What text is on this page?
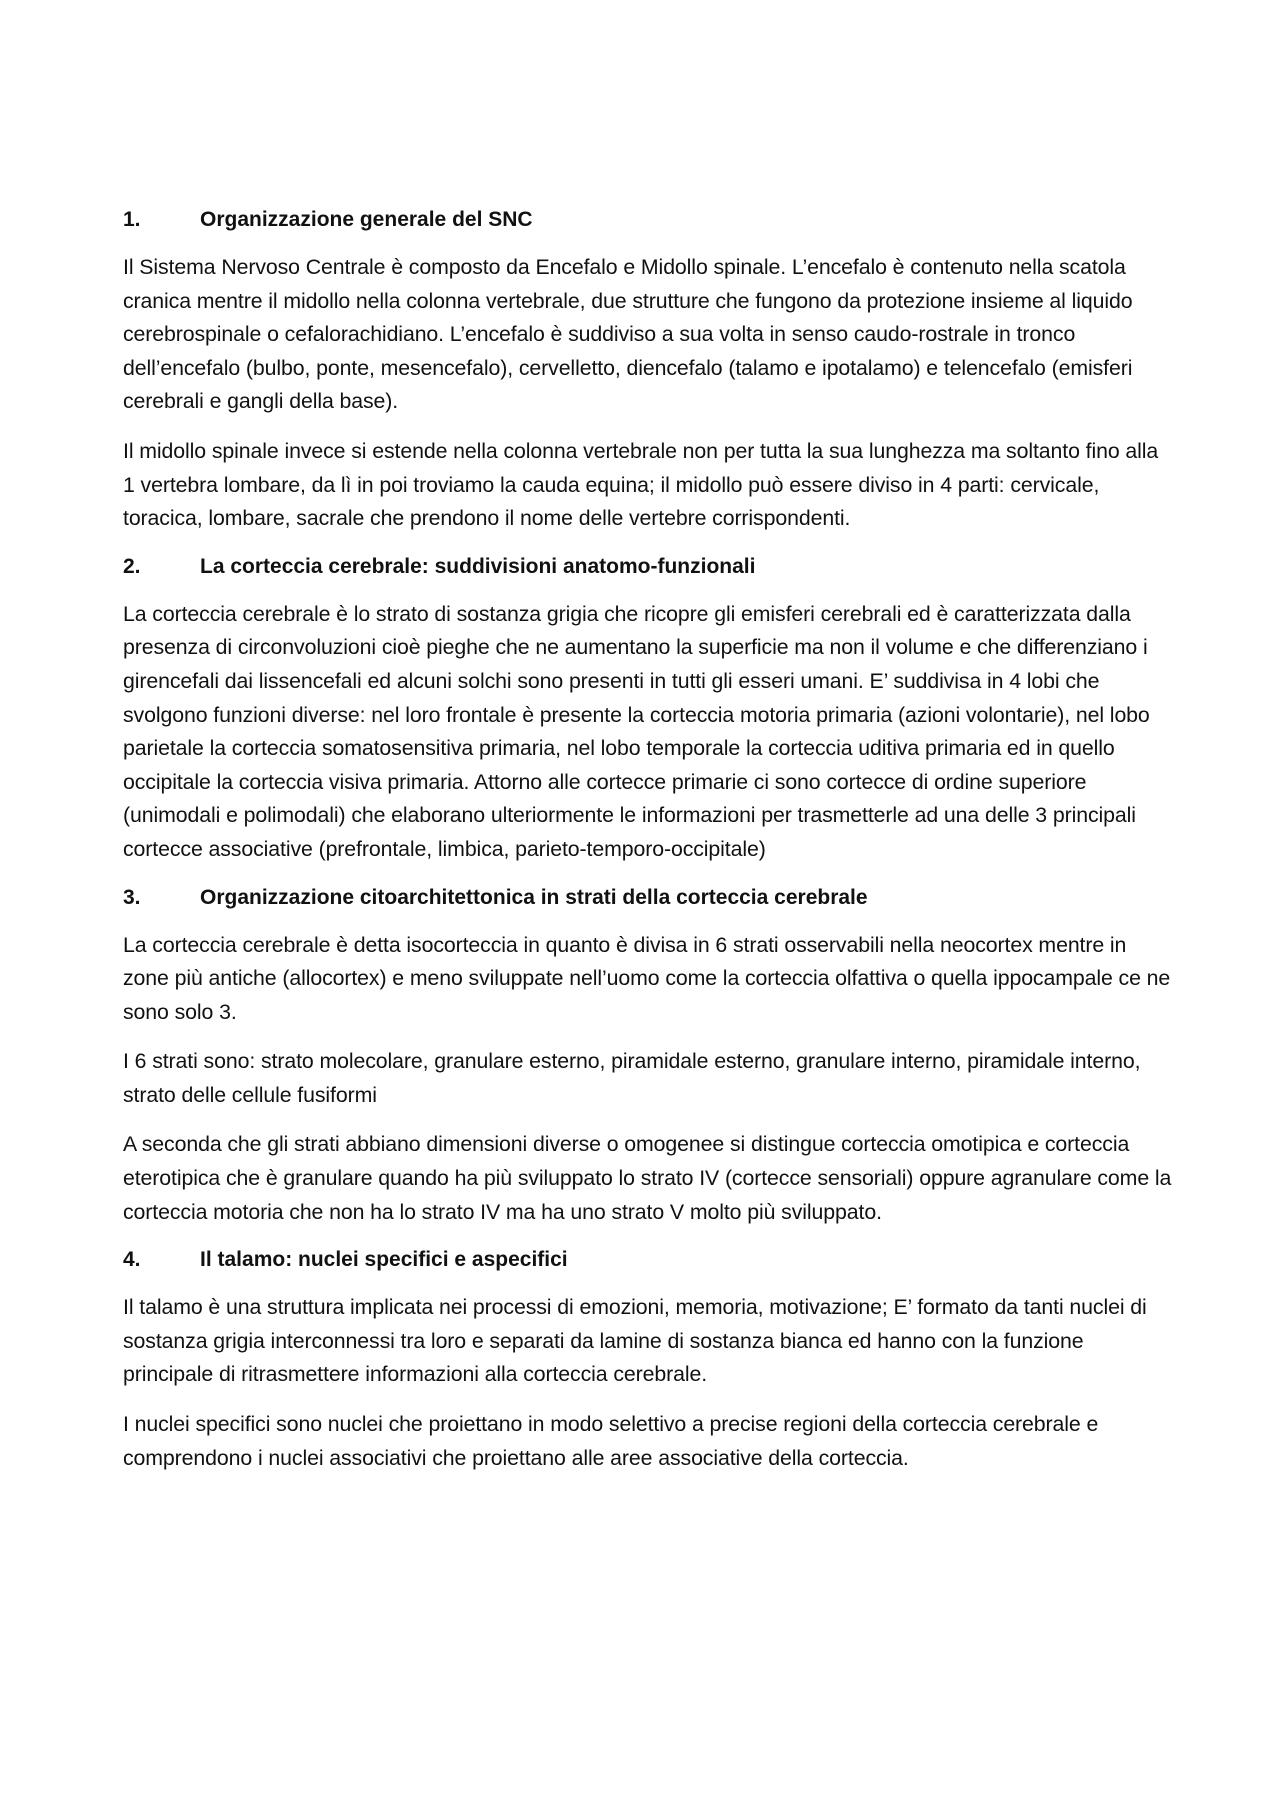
1.	Organizzazione generale del SNC

Il Sistema Nervoso Centrale è composto da Encefalo e Midollo spinale. L’encefalo è contenuto nella scatola cranica mentre il midollo nella colonna vertebrale, due strutture che fungono da protezione insieme al liquido cerebrospinale o cefalorachidiano. L’encefalo è suddiviso a sua volta in senso caudo-rostrale in tronco dell’encefalo (bulbo, ponte, mesencefalo), cervelletto, diencefalo (talamo e ipotalamo) e telencefalo (emisferi cerebrali e gangli della base).

Il midollo spinale invece si estende nella colonna vertebrale non per tutta la sua lunghezza ma soltanto fino alla 1 vertebra lombare, da lì in poi troviamo la cauda equina; il midollo può essere diviso in 4 parti: cervicale, toracica, lombare, sacrale che prendono il nome delle vertebre corrispondenti.

2.	La corteccia cerebrale: suddivisioni anatomo-funzionali

La corteccia cerebrale è lo strato di sostanza grigia che ricopre gli emisferi cerebrali ed è caratterizzata dalla presenza di circonvoluzioni cioè pieghe che ne aumentano la superficie ma non il volume e che differenziano i girencefali dai lissencefali ed alcuni solchi sono presenti in tutti gli esseri umani. E’ suddivisa in 4 lobi che svolgono funzioni diverse: nel loro frontale è presente la corteccia motoria primaria (azioni volontarie), nel lobo parietale la corteccia somatosensitiva primaria, nel lobo temporale la corteccia uditiva primaria ed in quello occipitale la corteccia visiva primaria. Attorno alle cortecce primarie ci sono cortecce di ordine superiore (unimodali e polimodali) che elaborano ulteriormente le informazioni per trasmetterle ad una delle 3 principali cortecce associative (prefrontale, limbica, parieto-temporo-occipitale)

3.	Organizzazione citoarchitettonica in strati della corteccia cerebrale

La corteccia cerebrale è detta isocorteccia in quanto è divisa in 6 strati osservabili nella neocortex mentre in zone più antiche (allocortex) e meno sviluppate nell’uomo come la corteccia olfattiva o quella ippocampale ce ne sono solo 3.

I 6 strati sono: strato molecolare, granulare esterno, piramidale esterno, granulare interno, piramidale interno, strato delle cellule fusiformi

A seconda che gli strati abbiano dimensioni diverse o omogenee si distingue corteccia omotipica e corteccia eterotipica che è granulare quando ha più sviluppato lo strato IV (cortecce sensoriali) oppure agranulare come la corteccia motoria che non ha lo strato IV ma ha uno strato V molto più sviluppato.

4.	Il talamo: nuclei specifici e aspecifici

Il talamo è una struttura implicata nei processi di emozioni, memoria, motivazione; E’ formato da tanti nuclei di sostanza grigia interconnessi tra loro e separati da lamine di sostanza bianca ed hanno con la funzione principale di ritrasmettere informazioni alla corteccia cerebrale.

I nuclei specifici sono nuclei che proiettano in modo selettivo a precise regioni della corteccia cerebrale e comprendono i nuclei associativi che proiettano alle aree associative della corteccia.
